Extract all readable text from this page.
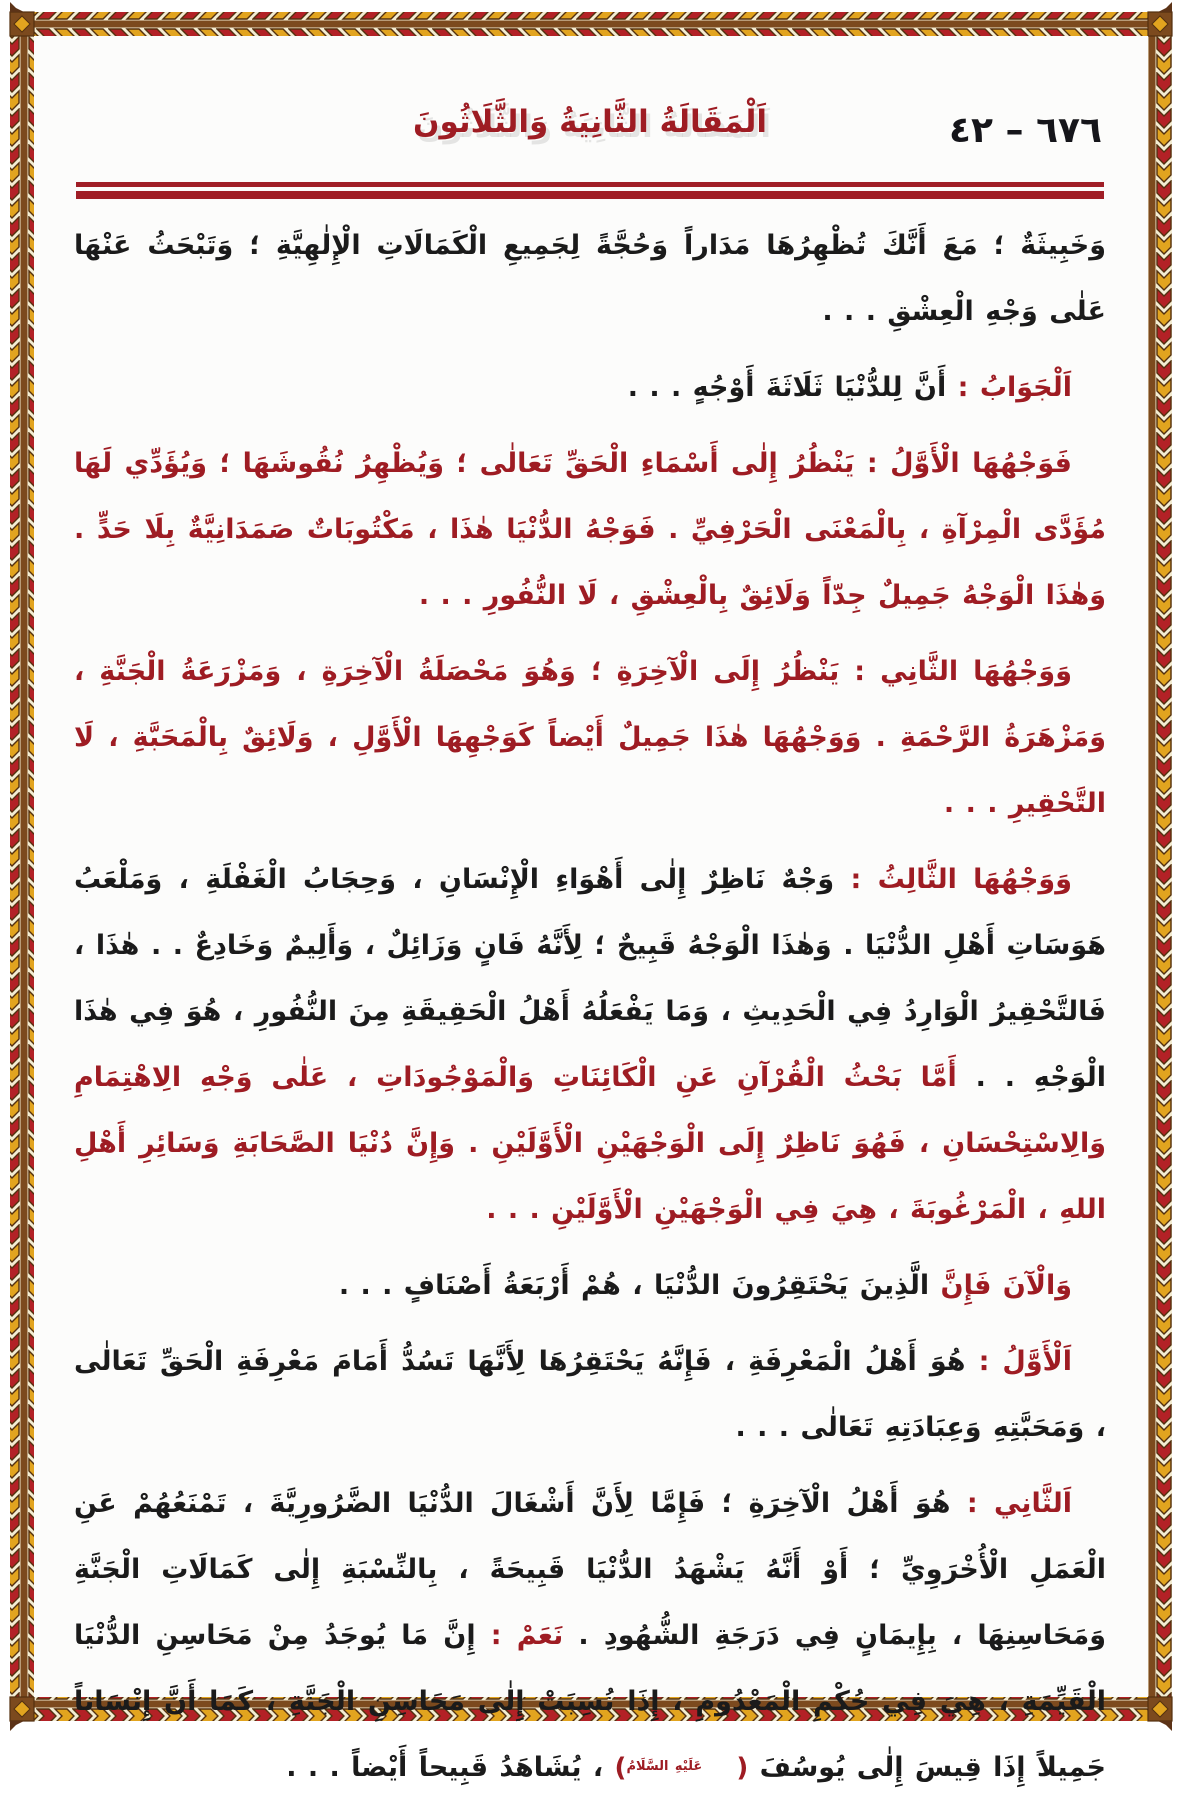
٦٧٦ – ٤٢
اَلْمَقَالَةُ الثَّانِيَةُ وَالثَّلَاثُونَ

وَخَبِيثَةٌ ؛ مَعَ أَنَّكَ تُظْهِرُهَا مَدَاراً وَحُجَّةً لِجَمِيعِ الْكَمَالَاتِ الْإِلٰهِيَّةِ ؛ وَتَبْحَثُ عَنْهَا عَلٰى وَجْهِ الْعِشْقِ . . .

اَلْجَوَابُ : أَنَّ لِلدُّنْيَا ثَلَاثَةَ أَوْجُهٍ . . .

فَوَجْهُهَا الْأَوَّلُ : يَنْظُرُ إِلٰى أَسْمَاءِ الْحَقِّ تَعَالٰى ؛ وَيُظْهِرُ نُقُوشَهَا ؛ وَيُؤَدِّي لَهَا مُؤَدَّى الْمِرْآةِ ، بِالْمَعْنَى الْحَرْفِيِّ . فَوَجْهُ الدُّنْيَا هٰذَا ، مَكْتُوبَاتٌ صَمَدَانِيَّةٌ بِلَا حَدٍّ . وَهٰذَا الْوَجْهُ جَمِيلٌ جِدّاً وَلَائِقٌ بِالْعِشْقِ ، لَا النُّفُورِ . . .

وَوَجْهُهَا الثَّانِي : يَنْظُرُ إِلَى الْآخِرَةِ ؛ وَهُوَ مَحْصَلَةُ الْآخِرَةِ ، وَمَزْرَعَةُ الْجَنَّةِ ، وَمَزْهَرَةُ الرَّحْمَةِ . وَوَجْهُهَا هٰذَا جَمِيلٌ أَيْضاً كَوَجْهِهَا الْأَوَّلِ ، وَلَائِقٌ بِالْمَحَبَّةِ ، لَا التَّحْقِيرِ . . .

وَوَجْهُهَا الثَّالِثُ : وَجْهٌ نَاظِرٌ إِلٰى أَهْوَاءِ الْإِنْسَانِ ، وَحِجَابُ الْغَفْلَةِ ، وَمَلْعَبُ هَوَسَاتِ أَهْلِ الدُّنْيَا . وَهٰذَا الْوَجْهُ قَبِيحٌ ؛ لِأَنَّهُ فَانٍ وَزَائِلٌ ، وَأَلِيمٌ وَخَادِعٌ . . هٰذَا ، فَالتَّحْقِيرُ الْوَارِدُ فِي الْحَدِيثِ ، وَمَا يَفْعَلُهُ أَهْلُ الْحَقِيقَةِ مِنَ النُّفُورِ ، هُوَ فِي هٰذَا الْوَجْهِ . . أَمَّا بَحْثُ الْقُرْآنِ عَنِ الْكَائِنَاتِ وَالْمَوْجُودَاتِ ، عَلٰى وَجْهِ الِاهْتِمَامِ وَالِاسْتِحْسَانِ ، فَهُوَ نَاظِرٌ إِلَى الْوَجْهَيْنِ الْأَوَّلَيْنِ . وَإِنَّ دُنْيَا الصَّحَابَةِ وَسَائِرِ أَهْلِ اللهِ ، الْمَرْغُوبَةَ ، هِيَ فِي الْوَجْهَيْنِ الْأَوَّلَيْنِ . . .

وَالْآنَ فَإِنَّ الَّذِينَ يَحْتَقِرُونَ الدُّنْيَا ، هُمْ أَرْبَعَةُ أَصْنَافٍ . . .

اَلْأَوَّلُ : هُوَ أَهْلُ الْمَعْرِفَةِ ، فَإِنَّهُ يَحْتَقِرُهَا لِأَنَّهَا تَسُدُّ أَمَامَ مَعْرِفَةِ الْحَقِّ تَعَالٰى ، وَمَحَبَّتِهِ وَعِبَادَتِهِ تَعَالٰى . . .

اَلثَّانِي : هُوَ أَهْلُ الْآخِرَةِ ؛ فَإِمَّا لِأَنَّ أَشْغَالَ الدُّنْيَا الضَّرُورِيَّةَ ، تَمْنَعُهُمْ عَنِ الْعَمَلِ الْأُخْرَوِيِّ ؛ أَوْ أَنَّهُ يَشْهَدُ الدُّنْيَا قَبِيحَةً ، بِالنِّسْبَةِ إِلٰى كَمَالَاتِ الْجَنَّةِ وَمَحَاسِنِهَا ، بِإِيمَانٍ فِي دَرَجَةِ الشُّهُودِ . نَعَمْ : إِنَّ مَا يُوجَدُ مِنْ مَحَاسِنِ الدُّنْيَا الْقَيِّمَةِ ، هِيَ فِي حُكْمِ الْمَعْدُومِ ، إِذَا نُسِبَتْ إِلٰى مَحَاسِنِ الْجَنَّةِ ، كَمَا أَنَّ إِنْسَاناً جَمِيلاً إِذَا قِيسَ إِلٰى يُوسُفَ (عَلَيْهِ السَّلَامُ) ، يُشَاهَدُ قَبِيحاً أَيْضاً . . .
